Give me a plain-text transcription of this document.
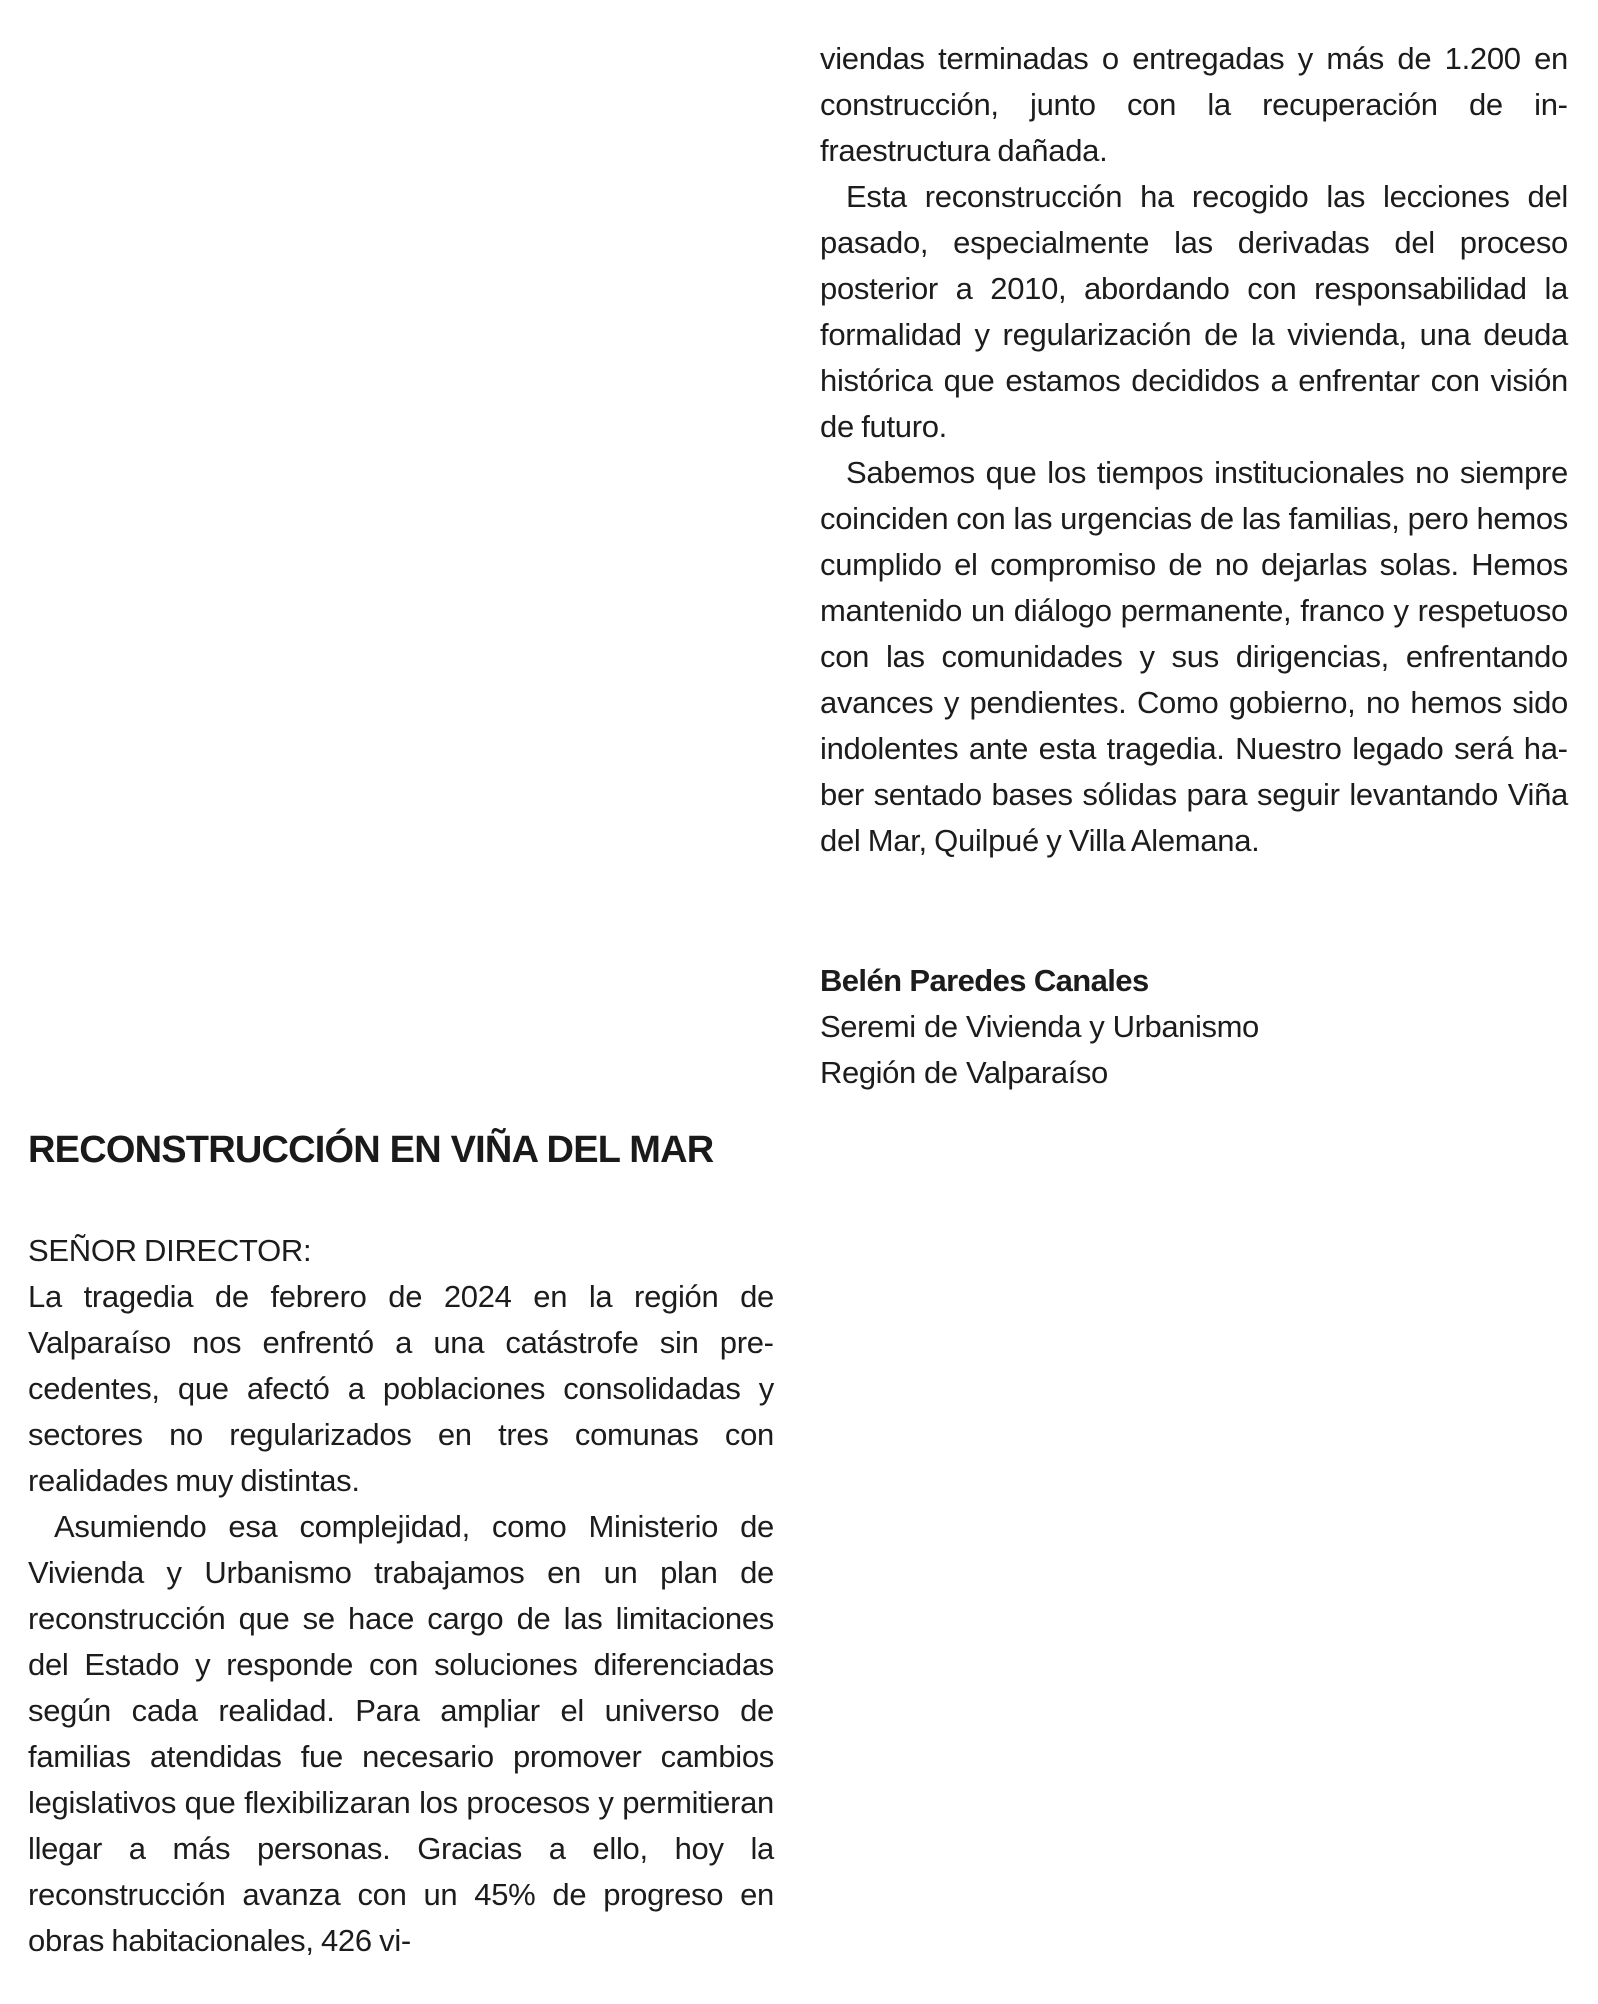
RECONSTRUCCIÓN EN VIÑA DEL MAR

SEÑOR DIRECTOR:

La tragedia de febrero de 2024 en la región de Valparaíso nos enfrentó a una catástrofe sin precedentes, que afectó a poblaciones consolidadas y sectores no regularizados en tres comunas con realidades muy distintas.

Asumiendo esa complejidad, como Ministerio de Vivienda y Urbanismo trabajamos en un plan de reconstrucción que se hace cargo de las limitaciones del Estado y responde con soluciones diferenciadas según cada realidad. Para ampliar el universo de familias atendidas fue necesario promover cambios legislativos que flexibilizaran los procesos y permitieran llegar a más personas. Gracias a ello, hoy la reconstrucción avanza con un 45% de progreso en obras habitacionales, 426 vi-

viendas terminadas o entregadas y más de 1.200 en construcción, junto con la recuperación de infraestructura dañada.

Esta reconstrucción ha recogido las lecciones del pasado, especialmente las derivadas del proceso posterior a 2010, abordando con responsabilidad la formalidad y regularización de la vivienda, una deuda histórica que estamos decididos a enfrentar con visión de futuro.

Sabemos que los tiempos institucionales no siempre coinciden con las urgencias de las familias, pero hemos cumplido el compromiso de no dejarlas solas. Hemos mantenido un diálogo permanente, franco y respetuoso con las comunidades y sus dirigencias, enfrentando avances y pendientes. Como gobierno, no hemos sido indolentes ante esta tragedia. Nuestro legado será haber sentado bases sólidas para seguir levantando Viña del Mar, Quilpué y Villa Alemana.

Belén Paredes Canales

Seremi de Vivienda y Urbanismo

Región de Valparaíso
